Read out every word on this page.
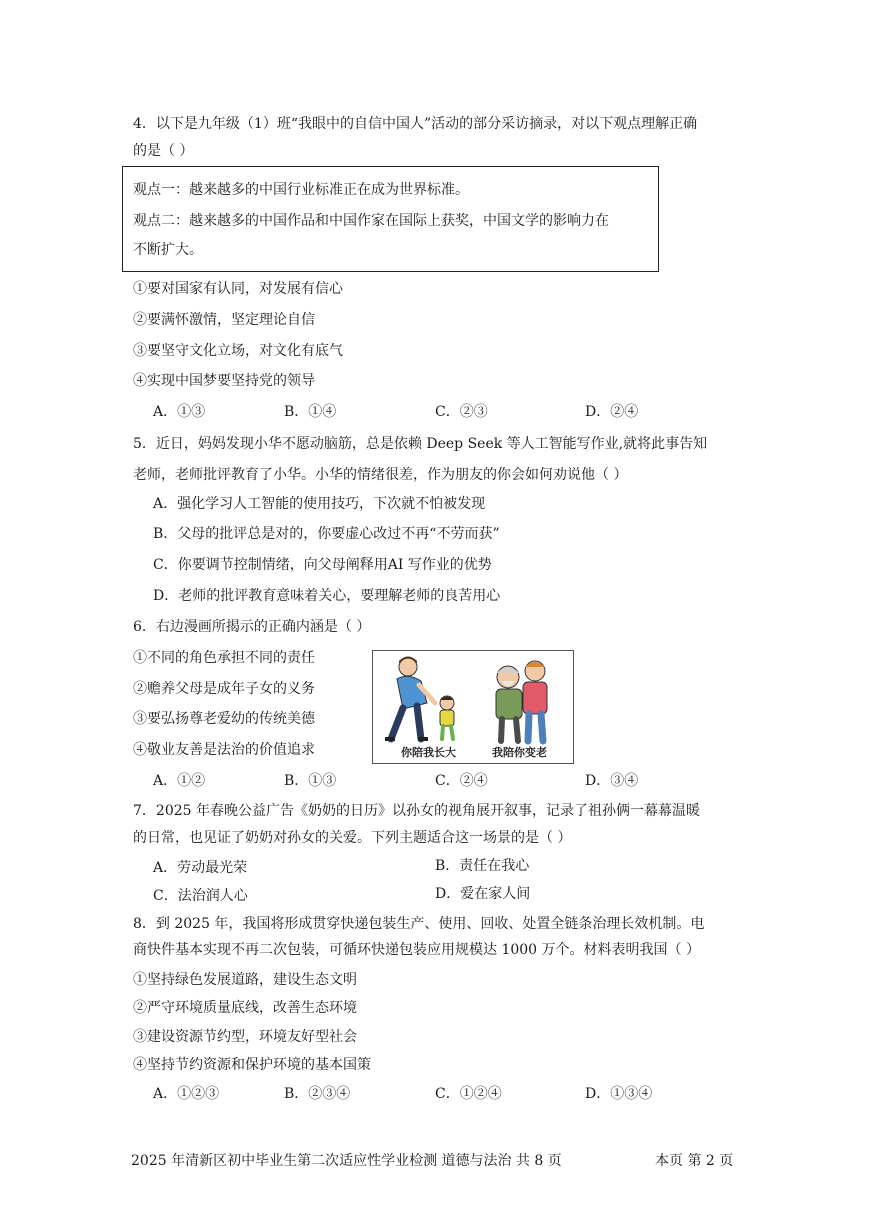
4．以下是九年级（1）班“我眼中的自信中国人”活动的部分采访摘录，对以下观点理解正确
的是（ ）
观点一：越来越多的中国行业标准正在成为世界标准。
观点二：越来越多的中国作品和中国作家在国际上获奖，中国文学的影响力在
不断扩大。
①要对国家有认同，对发展有信心
②要满怀激情，坚定理论自信
③要坚守文化立场，对文化有底气
④实现中国梦要坚持党的领导
A．①③	B．①④	C．②③	D．②④
5．近日，妈妈发现小华不愿动脑筋，总是依赖 Deep Seek 等人工智能写作业,就将此事告知
老师，老师批评教育了小华。小华的情绪很差，作为朋友的你会如何劝说他（ ）
A．强化学习人工智能的使用技巧，下次就不怕被发现
B．父母的批评总是对的，你要虚心改过不再“不劳而获”
C．你要调节控制情绪，向父母阐释用AI 写作业的优势
D．老师的批评教育意味着关心，要理解老师的良苦用心
6．右边漫画所揭示的正确内涵是（ ）
①不同的角色承担不同的责任
②赡养父母是成年子女的义务
③要弘扬尊老爱幼的传统美德
④敬业友善是法治的价值追求	你陪我长大	我陪你变老
A．①②	B．①③	C．②④	D．③④
7．2025 年春晚公益广告《奶奶的日历》以孙女的视角展开叙事，记录了祖孙俩一幕幕温暖
的日常，也见证了奶奶对孙女的关爱。下列主题适合这一场景的是（ ）
A．劳动最光荣	B．责任在我心
C．法治润人心	D．爱在家人间
8．到 2025 年，我国将形成贯穿快递包装生产、使用、回收、处置全链条治理长效机制。电
商快件基本实现不再二次包装，可循环快递包装应用规模达 1000 万个。材料表明我国（ ）
①坚持绿色发展道路，建设生态文明
②严守环境质量底线，改善生态环境
③建设资源节约型，环境友好型社会
④坚持节约资源和保护环境的基本国策
A．①②③	B．②③④	C．①②④	D．①③④
2025 年清新区初中毕业生第二次适应性学业检测 道德与法治 共 8 页	本页 第 2 页
